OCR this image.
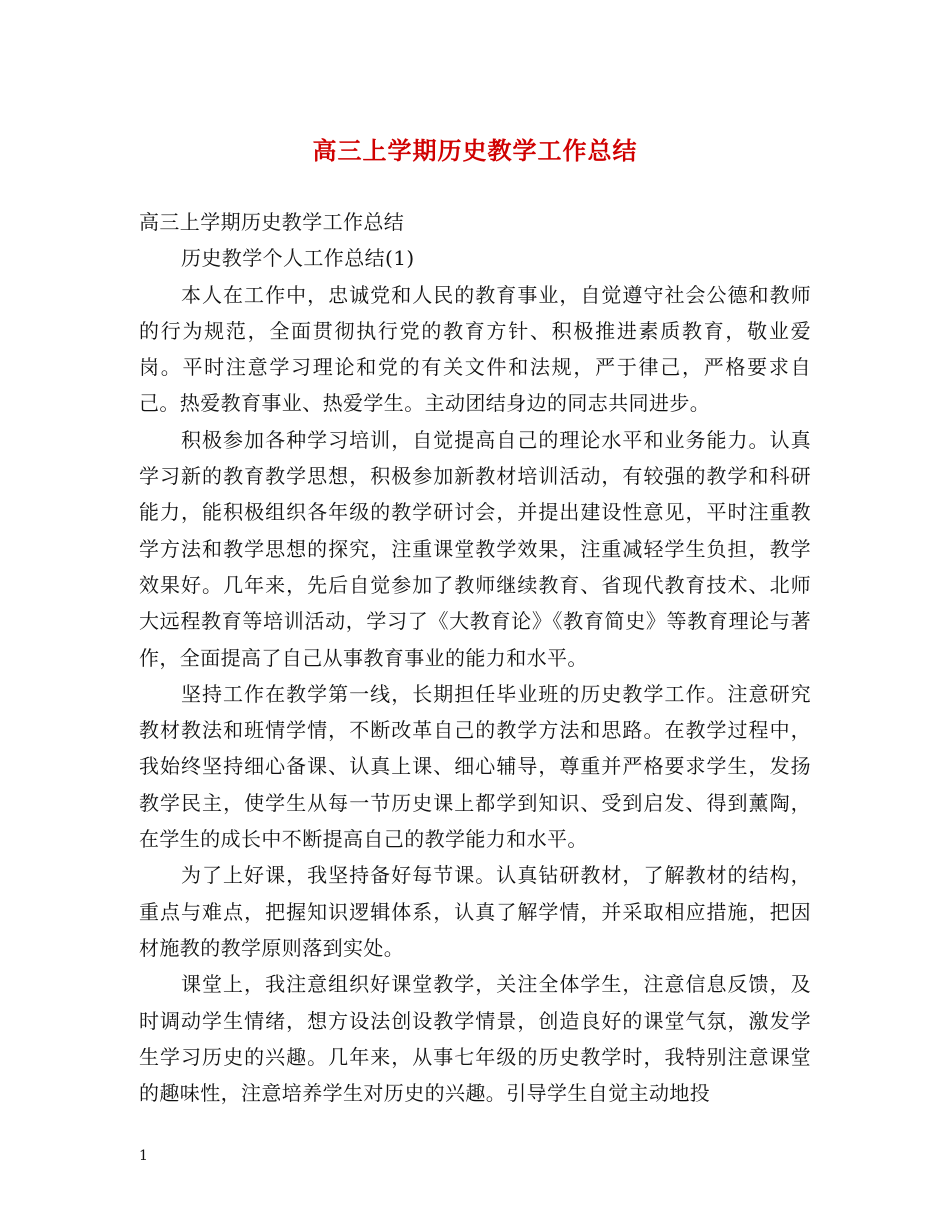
高三上学期历史教学工作总结

高三上学期历史教学工作总结

历史教学个人工作总结(1)

本人在工作中，忠诚党和人民的教育事业，自觉遵守社会公德和教师的行为规范，全面贯彻执行党的教育方针、积极推进素质教育，敬业爱岗。平时注意学习理论和党的有关文件和法规，严于律己，严格要求自己。热爱教育事业、热爱学生。主动团结身边的同志共同进步。

积极参加各种学习培训，自觉提高自己的理论水平和业务能力。认真学习新的教育教学思想，积极参加新教材培训活动，有较强的教学和科研能力，能积极组织各年级的教学研讨会，并提出建设性意见，平时注重教学方法和教学思想的探究，注重课堂教学效果，注重减轻学生负担，教学效果好。几年来，先后自觉参加了教师继续教育、省现代教育技术、北师大远程教育等培训活动，学习了《大教育论》《教育简史》等教育理论与著作，全面提高了自己从事教育事业的能力和水平。

坚持工作在教学第一线，长期担任毕业班的历史教学工作。注意研究教材教法和班情学情，不断改革自己的教学方法和思路。在教学过程中，我始终坚持细心备课、认真上课、细心辅导，尊重并严格要求学生，发扬教学民主，使学生从每一节历史课上都学到知识、受到启发、得到薰陶，在学生的成长中不断提高自己的教学能力和水平。

为了上好课，我坚持备好每节课。认真钻研教材，了解教材的结构，重点与难点，把握知识逻辑体系，认真了解学情，并采取相应措施，把因材施教的教学原则落到实处。

课堂上，我注意组织好课堂教学，关注全体学生，注意信息反馈，及时调动学生情绪，想方设法创设教学情景，创造良好的课堂气氛，激发学生学习历史的兴趣。几年来，从事七年级的历史教学时，我特别注意课堂的趣味性，注意培养学生对历史的兴趣。引导学生自觉主动地投

1
